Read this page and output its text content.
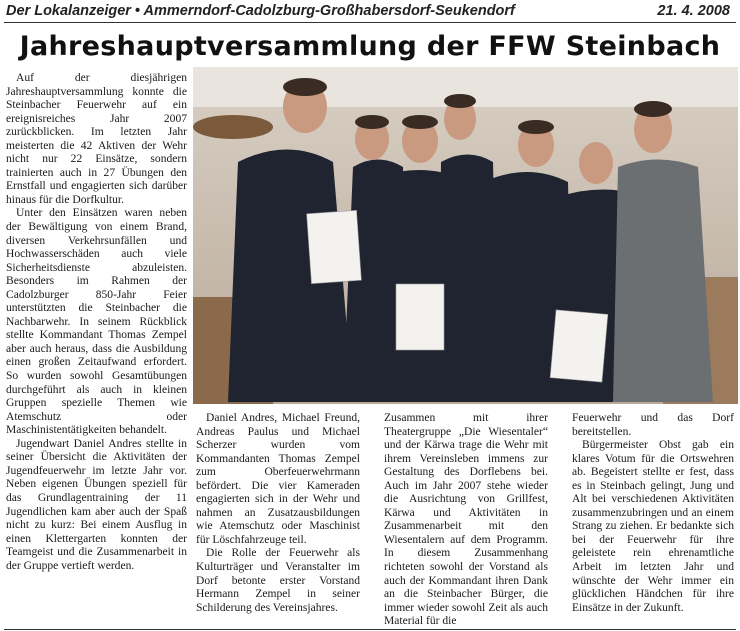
Der Lokalanzeiger • Ammerndorf-Cadolzburg-Großhabersdorf-Seukendorf	21. 4. 2008
Jahreshauptversammlung der FFW Steinbach

Auf der diesjährigen Jahreshauptversammlung konnte die Steinbacher Feuerwehr auf ein ereignisreiches Jahr 2007 zurückblicken. Im letzten Jahr meisterten die 42 Aktiven der Wehr nicht nur 22 Einsätze, sondern trainierten auch in 27 Übungen den Ernstfall und engagierten sich darüber hinaus für die Dorfkultur.

Unter den Einsätzen waren neben der Bewältigung von einem Brand, diversen Verkehrsunfällen und Hochwasserschäden auch viele Sicherheitsdienste abzuleisten. Besonders im Rahmen der Cadolzburger 850-Jahr Feier unterstützten die Steinbacher die Nachbarwehr. In seinem Rückblick stellte Kommandant Thomas Zempel aber auch heraus, dass die Ausbildung einen großen Zeitaufwand erfordert. So wurden sowohl Gesamtübungen durchgeführt als auch in kleinen Gruppen spezielle Themen wie Atemschutz oder Maschinistentätigkeiten behandelt.

Jugendwart Daniel Andres stellte in seiner Übersicht die Aktivitäten der Jugendfeuerwehr im letzte Jahr vor. Neben eigenen Übungen speziell für das Grundlagentraining der 11 Jugendlichen kam aber auch der Spaß nicht zu kurz: Bei einem Ausflug in einen Klettergarten konnten der Teamgeist und die Zusammenarbeit in der Gruppe vertieft werden.

Daniel Andres, Michael Freund, Andreas Paulus und Michael Scherzer wurden vom Kommandanten Thomas Zempel zum Oberfeuerwehrmann befördert. Die vier Kameraden engagierten sich in der Wehr und nahmen an Zusatzausbildungen wie Atemschutz oder Maschinist für Löschfahrzeuge teil.

Die Rolle der Feuerwehr als Kulturträger und Veranstalter im Dorf betonte erster Vorstand Hermann Zempel in seiner Schilderung des Vereinsjahres.

Zusammen mit ihrer Theatergruppe „Die Wiesentaler“ und der Kärwa trage die Wehr mit ihrem Vereinsleben immens zur Gestaltung des Dorflebens bei. Auch im Jahr 2007 stehe wieder die Ausrichtung von Grillfest, Kärwa und Aktivitäten in Zusammenarbeit mit den Wiesentalern auf dem Programm. In diesem Zusammenhang richteten sowohl der Vorstand als auch der Kommandant ihren Dank an die Steinbacher Bürger, die immer wieder sowohl Zeit als auch Material für die

Feuerwehr und das Dorf bereitstellen.

Bürgermeister Obst gab ein klares Votum für die Ortswehren ab. Begeistert stellte er fest, dass es in Steinbach gelingt, Jung und Alt bei verschiedenen Aktivitäten zusammenzubringen und an einem Strang zu ziehen. Er bedankte sich bei der Feuerwehr für ihre geleistete rein ehrenamtliche Arbeit im letzten Jahr und wünschte der Wehr immer ein glücklichen Händchen für ihre Einsätze in der Zukunft.
